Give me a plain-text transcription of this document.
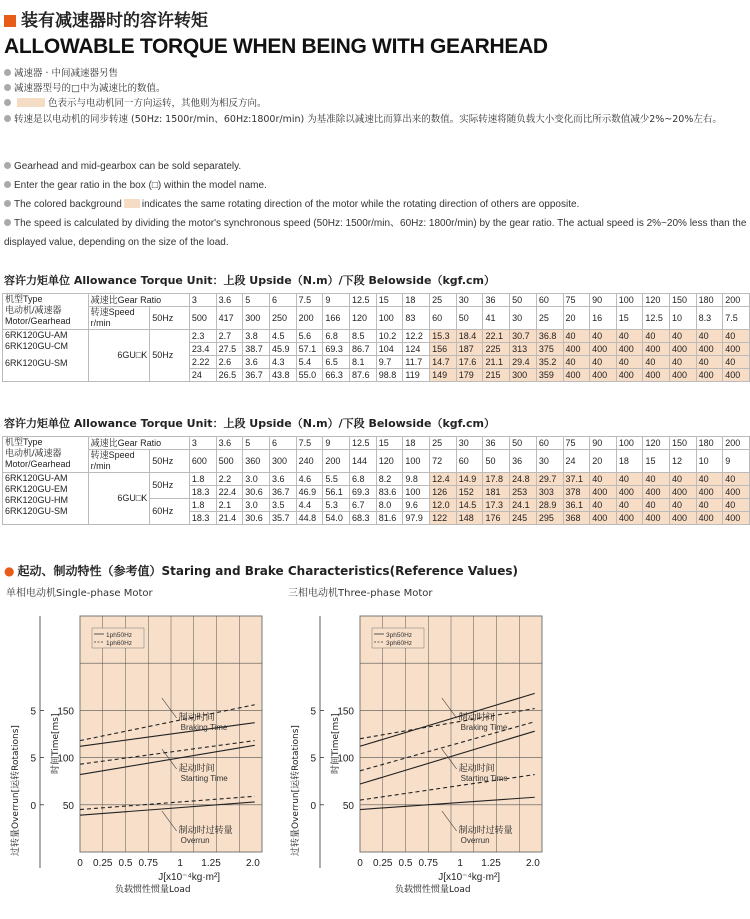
装有减速器时的容许转矩
ALLOWABLE TORQUE WHEN BEING WITH GEARHEAD
减速器 · 中间减速器另售
减速器型号的□中为减速比的数值。
色表示与电动机同一方向运转，其他则为相反方向。
转速是以电动机的同步转速 (50Hz: 1500r/min、60Hz:1800r/min) 为基准除以减速比而算出来的数值。实际转速将随负载大小变化而比所示数值减少2%~20%左右。
Gearhead and mid-gearbox can be sold separately.
Enter the gear ratio in the box (□) within the model name.
The colored background indicates the same rotating direction of the motor while the rotating direction of others are opposite.
The speed is calculated by dividing the motor's synchronous speed (50Hz: 1500r/min、60Hz: 1800r/min) by the gear ratio. The actual speed is 2%~20% less than the displayed value, depending on the size of the load.
容许力矩单位 Allowance Torque Unit：上段 Upside（N.m）/下段 Belowside（kgf.cm）
机型Type
电动机/减速器
Motor/Gearhead	减速比Gear Ratio		3	3.6	5	6	7.5	9	12.5	15	18	25	30	36	50	60	75	90	100	120	150	180	200

	转速Speed
r/min	50Hz	500	417	300	250	200	166	120	100	83	60	50	41	30	25	20	16	15	12.5	10	8.3	7.5

6RK120GU-AM
6RK120GU-CM
6RK120GU-SM	6GU□K	50Hz	2.3	2.7	3.8	4.5	5.6	6.8	8.5	10.2	12.2	15.3	18.4	22.1	30.7	36.8	40	40	40	40	40	40	40
			23.4	27.5	38.7	45.9	57.1	69.3	86.7	104	124	156	187	225	313	375	400	400	400	400	400	400	400
			2.22	2.6	3.6	4.3	5.4	6.5	8.1	9.7	11.7	14.7	17.6	21.1	29.4	35.2	40	40	40	40	40	40	40
			24	26.5	36.7	43.8	55.0	66.3	87.6	98.8	119	149	179	215	300	359	400	400	400	400	400	400	400
容许力矩单位 Allowance Torque Unit：上段 Upside（N.m）/下段 Belowside（kgf.cm）
机型Type
电动机/减速器
Motor/Gearhead	减速比Gear Ratio		3	3.6	5	6	7.5	9	12.5	15	18	25	30	36	50	60	75	90	100	120	150	180	200

	转速Speed
r/min	50Hz	600	500	360	300	240	200	144	120	100	72	60	50	36	30	24	20	18	15	12	10	9

6RK120GU-AM
6RK120GU-EM
6RK120GU-HM
6RK120GU-SM	6GU□K	50Hz	1.8	2.2	3.0	3.6	4.6	5.5	6.8	8.2	9.8	12.4	14.9	17.8	24.8	29.7	37.1	40	40	40	40	40	40
			18.3	22.4	30.6	36.7	46.9	56.1	69.3	83.6	100	126	152	181	253	303	378	400	400	400	400	400	400
		60Hz	1.8	2.1	3.0	3.5	4.4	5.3	6.7	8.0	9.6	12.0	14.5	17.3	24.1	28.9	36.1	40	40	40	40	40	40
			18.3	21.4	30.6	35.7	44.8	54.0	68.3	81.6	97.9	122	148	176	245	295	368	400	400	400	400	400	400
● 起动、制动特性（参考值）Staring and Brake Characteristics(Reference Values)
单相电动机Single-phase Motor	三相电动机Three-phase Motor
50
100
150
5
5
0
时间Time[ms]
过转量Overrun[运转Rotations]
0 0.25 0.5 0.75 1 1.25	2.0
J[x10⁻⁴kg·m²]
负载惯性惯量Load
1ph50Hz
1ph60Hz
制动时间
Braking Time
起动时间
Starting Time
制动时过转量
Overrun
50
100
150
5
5
0
时间Time[ms]
过转量Overrun[运转Rotations]
0 0.25 0.5 0.75 1 1.25	2.0
J[x10⁻⁴kg·m²]
负载惯性惯量Load
3ph50Hz
3ph60Hz
制动时间
Braking Time
起动时间
Starting Time
制动时过转量
Overrun
